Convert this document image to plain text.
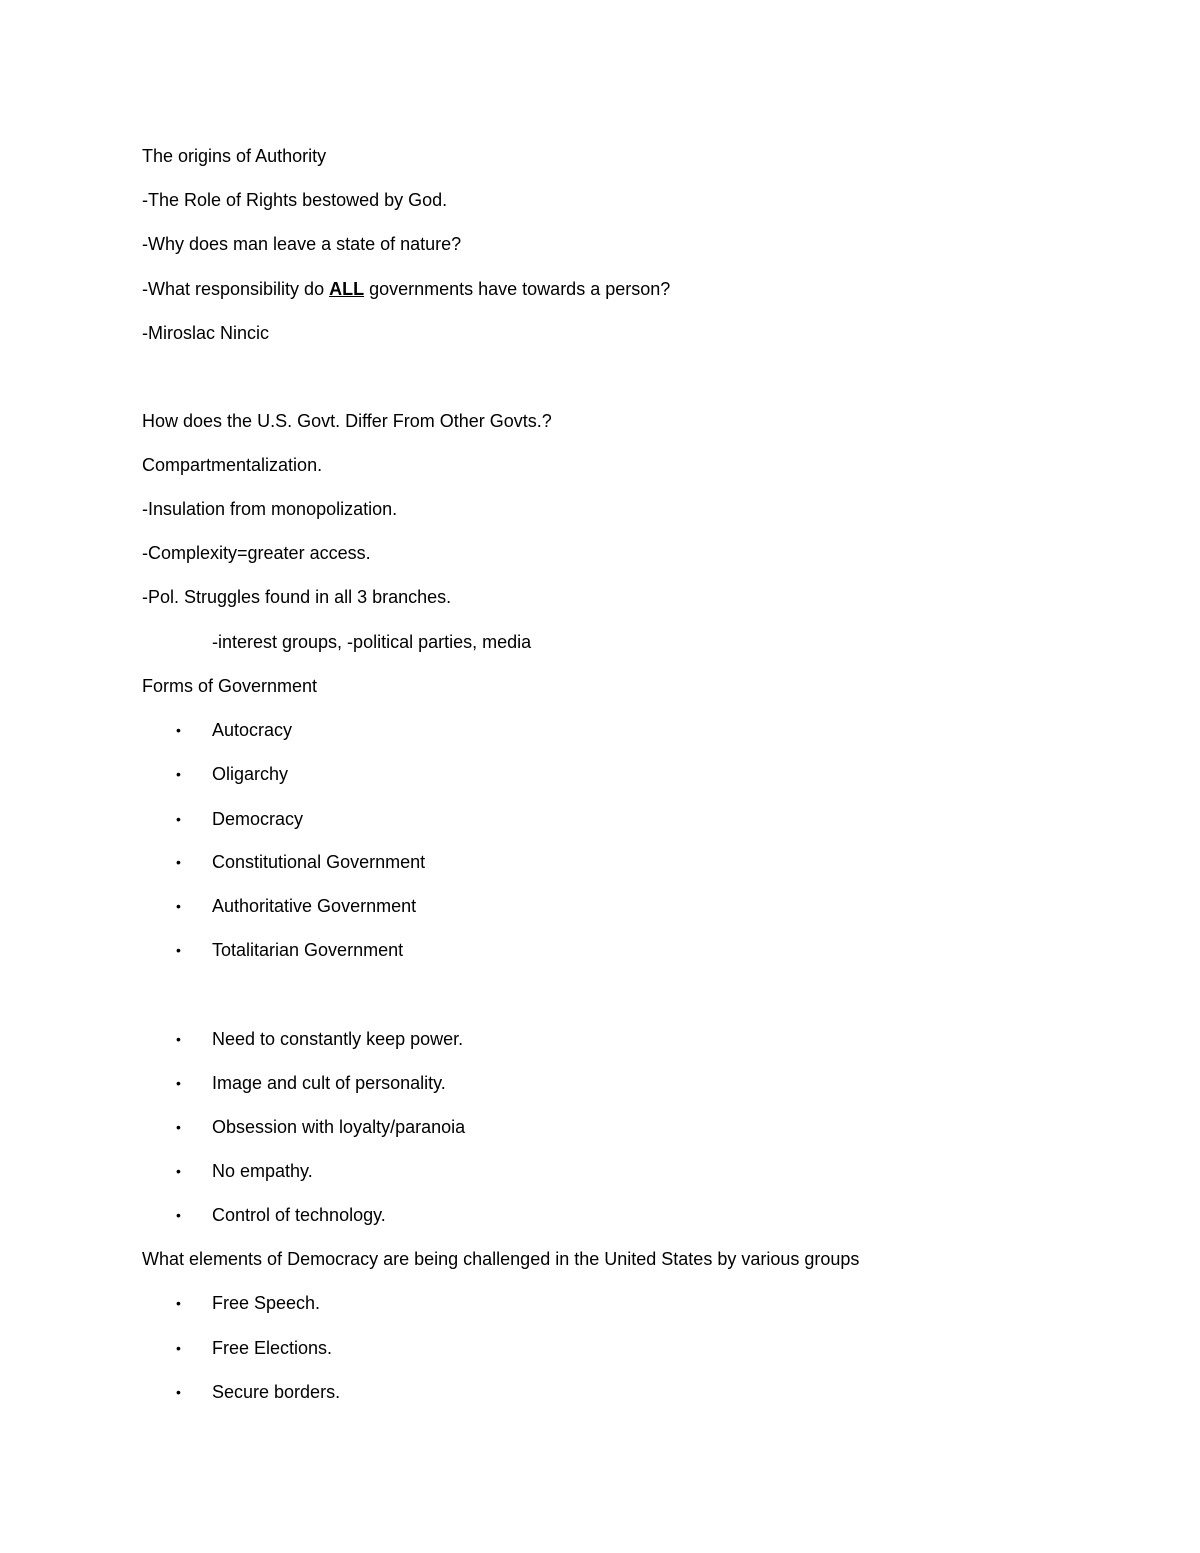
The origins of Authority
-The Role of Rights bestowed by God.
-Why does man leave a state of nature?
-What responsibility do ALL governments have towards a person?
-Miroslac Nincic
How does the U.S. Govt. Differ From Other Govts.?
Compartmentalization.
-Insulation from monopolization.
-Complexity=greater access.
-Pol. Struggles found in all 3 branches.
-interest groups, -political parties, media
Forms of Government
•	Autocracy
•	Oligarchy
•	Democracy
•	Constitutional Government
•	Authoritative Government
•	Totalitarian Government
•	Need to constantly keep power.
•	Image and cult of personality.
•	Obsession with loyalty/paranoia
•	No empathy.
•	Control of technology.
What elements of Democracy are being challenged in the United States by various groups
•	Free Speech.
•	Free Elections.
•	Secure borders.
